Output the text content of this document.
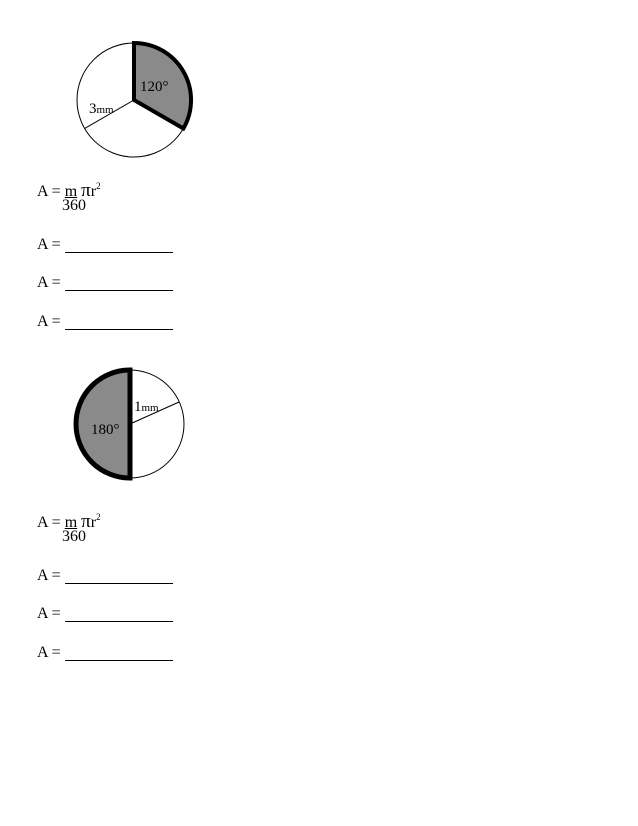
120°
3mm
A = m $\pi r^2$
360
A =
A =
A =
180°
1mm
A = m $\pi r^2$
360
A =
A =
A =
